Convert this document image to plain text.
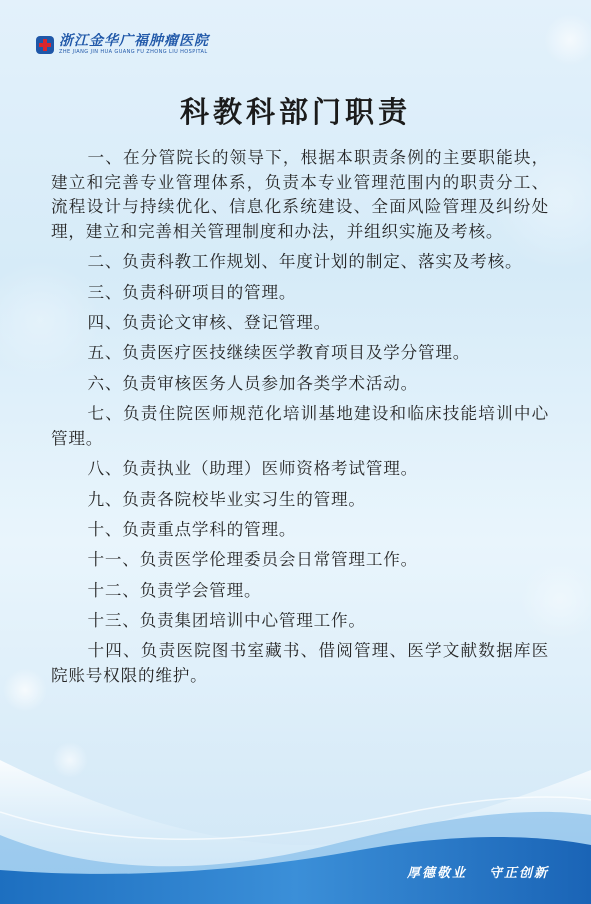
浙江金华广福肿瘤医院
ZHE JIANG JIN HUA GUANG FU ZHONG LIU HOSPITAL
科教科部门职责

一、在分管院长的领导下，根据本职责条例的主要职能块，建立和完善专业管理体系，负责本专业管理范围内的职责分工、流程设计与持续优化、信息化系统建设、全面风险管理及纠纷处理，建立和完善相关管理制度和办法，并组织实施及考核。

二、负责科教工作规划、年度计划的制定、落实及考核。

三、负责科研项目的管理。

四、负责论文审核、登记管理。

五、负责医疗医技继续医学教育项目及学分管理。

六、负责审核医务人员参加各类学术活动。

七、负责住院医师规范化培训基地建设和临床技能培训中心管理。

八、负责执业（助理）医师资格考试管理。

九、负责各院校毕业实习生的管理。

十、负责重点学科的管理。

十一、负责医学伦理委员会日常管理工作。

十二、负责学会管理。

十三、负责集团培训中心管理工作。

十四、负责医院图书室藏书、借阅管理、医学文献数据库医院账号权限的维护。

厚德敬业 守正创新
